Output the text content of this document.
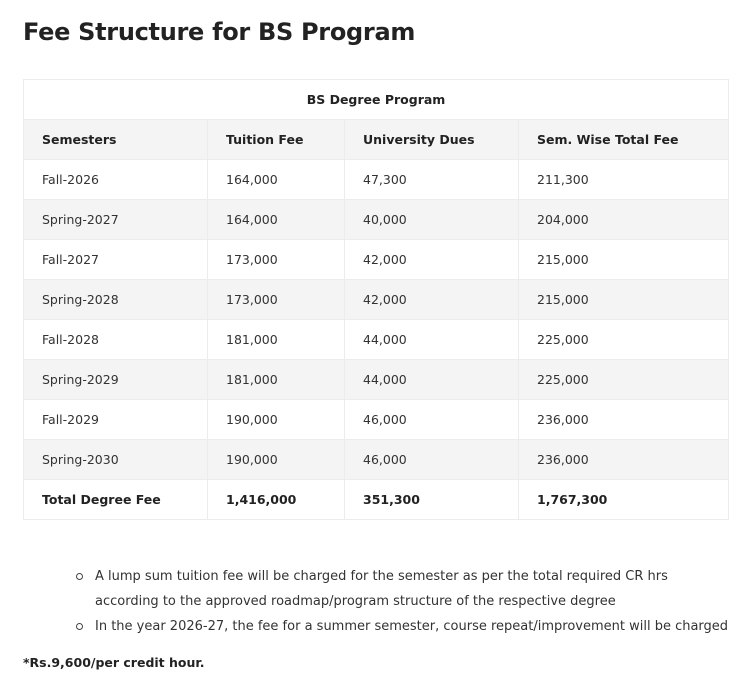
Fee Structure for BS Program
BS Degree Program			
Semesters	Tuition Fee	University Dues	Sem. Wise Total Fee
Fall-2026	164,000	47,300	211,300
Spring-2027	164,000	40,000	204,000
Fall-2027	173,000	42,000	215,000
Spring-2028	173,000	42,000	215,000
Fall-2028	181,000	44,000	225,000
Spring-2029	181,000	44,000	225,000
Fall-2029	190,000	46,000	236,000
Spring-2030	190,000	46,000	236,000
Total Degree Fee	1,416,000	351,300	1,767,300
A lump sum tuition fee will be charged for the semester as per the total required CR hrs according to the approved roadmap/program structure of the respective degree
In the year 2026-27, the fee for a summer semester, course repeat/improvement will be charged

*Rs.9,600/per credit hour.
